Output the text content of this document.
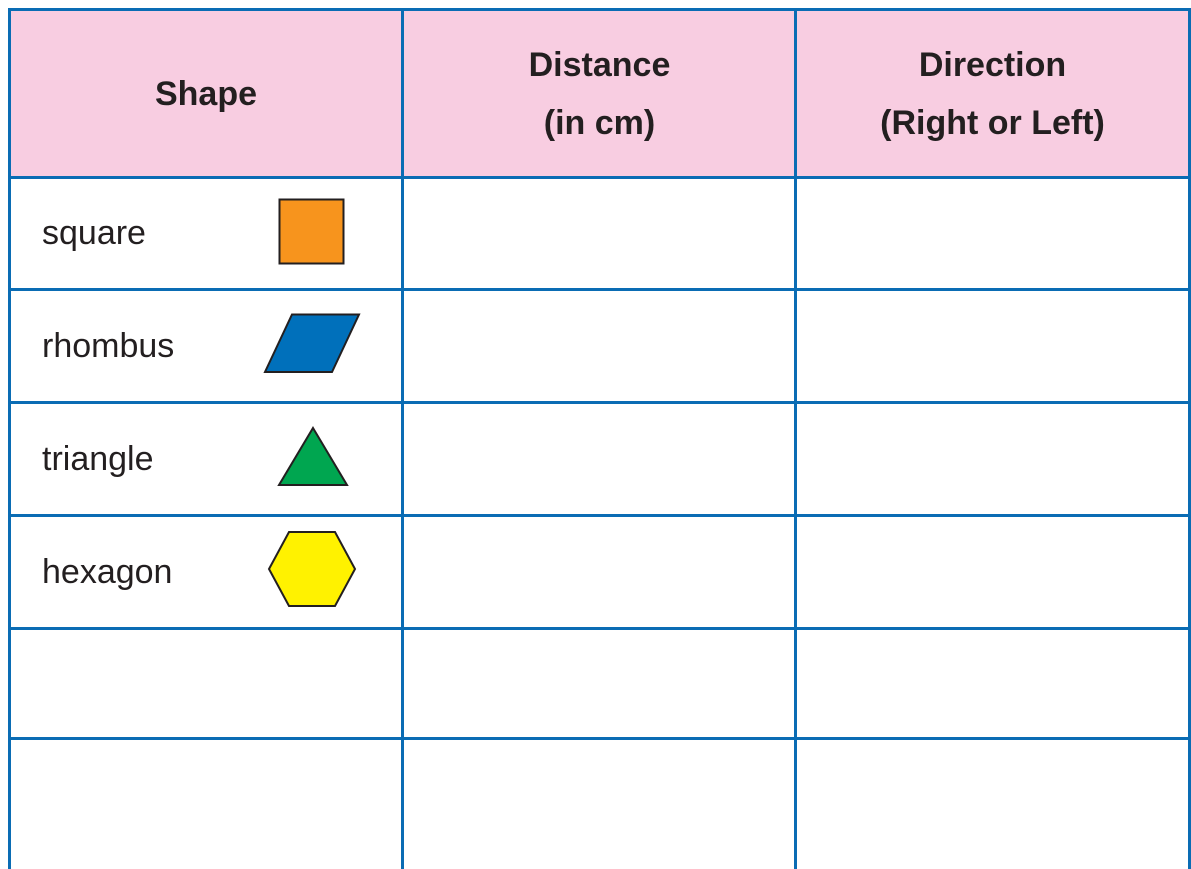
Shape
Distance
(in cm)
Direction
(Right or Left)
square
rhombus
triangle
hexagon
